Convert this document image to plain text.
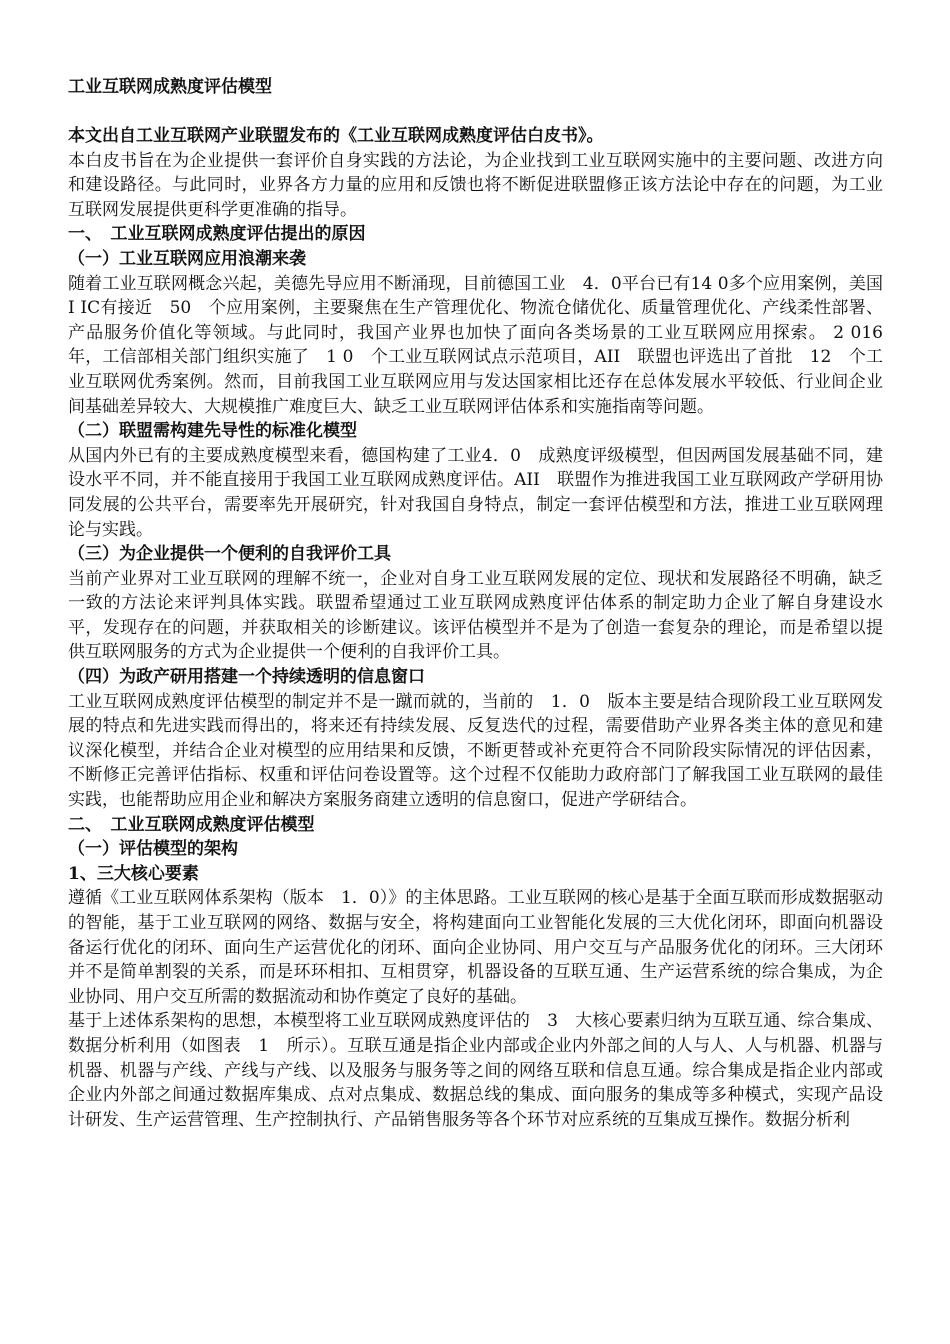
工业互联网成熟度评估模型

本文出自工业互联网产业联盟发布的《工业互联网成熟度评估白皮书》。

本白皮书旨在为企业提供一套评价自身实践的方法论，为企业找到工业互联网实施中的主要问题、改进方向和建设路径。与此同时，业界各方力量的应用和反馈也将不断促进联盟修正该方法论中存在的问题，为工业互联网发展提供更科学更准确的指导。

一、　工业互联网成熟度评估提出的原因

（一）工业互联网应用浪潮来袭

随着工业互联网概念兴起，美德先导应用不断涌现，目前德国工业　4．0平台已有14 0多个应用案例，美国　I IC有接近　50　个应用案例，主要聚焦在生产管理优化、物流仓储优化、质量管理优化、产线柔性部署、产品服务价值化等领域。与此同时，我国产业界也加快了面向各类场景的工业互联网应用探索。 2 016　年，工信部相关部门组织实施了　1 0　个工业互联网试点示范项目，AII　联盟也评选出了首批　12　个工业互联网优秀案例。然而，目前我国工业互联网应用与发达国家相比还存在总体发展水平较低、行业间企业间基础差异较大、大规模推广难度巨大、缺乏工业互联网评估体系和实施指南等问题。

（二）联盟需构建先导性的标准化模型

从国内外已有的主要成熟度模型来看，德国构建了工业4．0　成熟度评级模型，但因两国发展基础不同，建设水平不同，并不能直接用于我国工业互联网成熟度评估。AII　联盟作为推进我国工业互联网政产学研用协同发展的公共平台，需要率先开展研究，针对我国自身特点，制定一套评估模型和方法，推进工业互联网理论与实践。

（三）为企业提供一个便利的自我评价工具

当前产业界对工业互联网的理解不统一，企业对自身工业互联网发展的定位、现状和发展路径不明确，缺乏一致的方法论来评判具体实践。联盟希望通过工业互联网成熟度评估体系的制定助力企业了解自身建设水平，发现存在的问题，并获取相关的诊断建议。该评估模型并不是为了创造一套复杂的理论，而是希望以提供互联网服务的方式为企业提供一个便利的自我评价工具。

（四）为政产研用搭建一个持续透明的信息窗口

工业互联网成熟度评估模型的制定并不是一蹴而就的，当前的　1．0　版本主要是结合现阶段工业互联网发展的特点和先进实践而得出的，将来还有持续发展、反复迭代的过程，需要借助产业界各类主体的意见和建议深化模型，并结合企业对模型的应用结果和反馈，不断更替或补充更符合不同阶段实际情况的评估因素，不断修正完善评估指标、权重和评估问卷设置等。这个过程不仅能助力政府部门了解我国工业互联网的最佳实践，也能帮助应用企业和解决方案服务商建立透明的信息窗口，促进产学研结合。

二、　工业互联网成熟度评估模型

（一）评估模型的架构

1、三大核心要素

遵循《工业互联网体系架构（版本　1．0）》的主体思路。工业互联网的核心是基于全面互联而形成数据驱动的智能，基于工业互联网的网络、数据与安全，将构建面向工业智能化发展的三大优化闭环，即面向机器设备运行优化的闭环、面向生产运营优化的闭环、面向企业协同、用户交互与产品服务优化的闭环。三大闭环并不是简单割裂的关系，而是环环相扣、互相贯穿，机器设备的互联互通、生产运营系统的综合集成，为企业协同、用户交互所需的数据流动和协作奠定了良好的基础。

基于上述体系架构的思想，本模型将工业互联网成熟度评估的　3　大核心要素归纳为互联互通、综合集成、数据分析利用（如图表　1　所示）。互联互通是指企业内部或企业内外部之间的人与人、人与机器、机器与机器、机器与产线、产线与产线、以及服务与服务等之间的网络互联和信息互通。综合集成是指企业内部或企业内外部之间通过数据库集成、点对点集成、数据总线的集成、面向服务的集成等多种模式，实现产品设计研发、生产运营管理、生产控制执行、产品销售服务等各个环节对应系统的互集成互操作。数据分析利
